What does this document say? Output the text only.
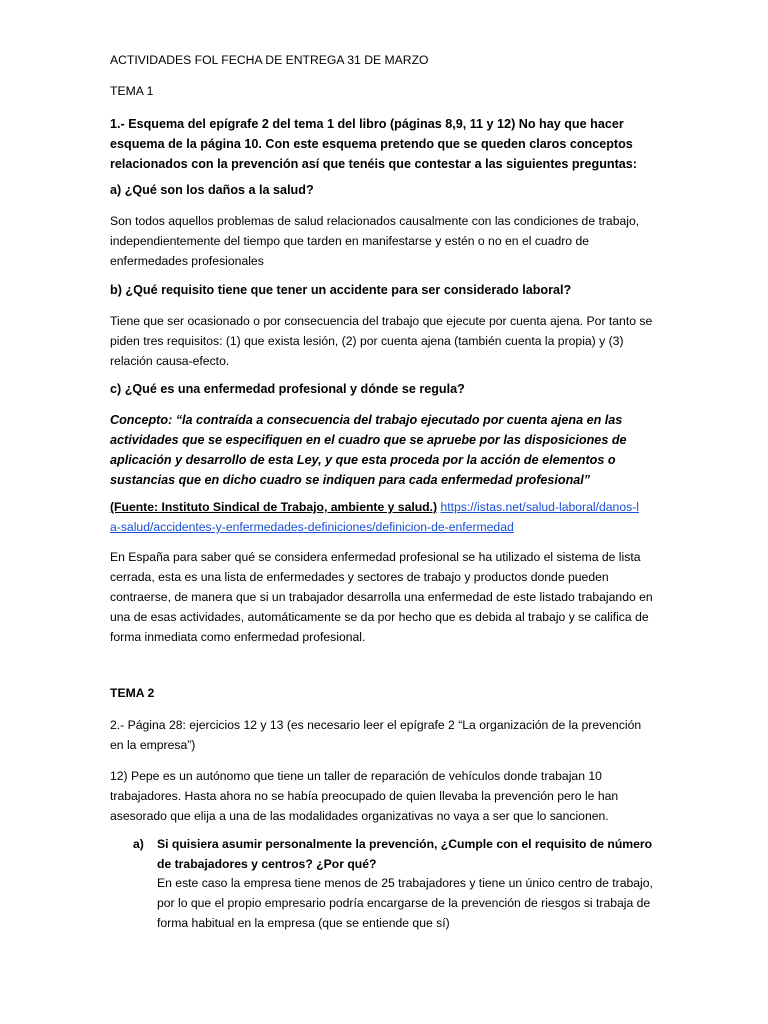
ACTIVIDADES FOL FECHA DE ENTREGA 31 DE MARZO

TEMA 1

1.- Esquema del epígrafe 2 del tema 1 del libro (páginas 8,9, 11 y 12) No hay que hacer esquema de la página 10. Con este esquema pretendo que se queden claros conceptos relacionados con la prevención así que tenéis que contestar a las siguientes preguntas:

a) ¿Qué son los daños a la salud?

Son todos aquellos problemas de salud relacionados causalmente con las condiciones de trabajo, independientemente del tiempo que tarden en manifestarse y estén o no en el cuadro de enfermedades profesionales

b) ¿Qué requisito tiene que tener un accidente para ser considerado laboral?

Tiene que ser ocasionado o por consecuencia del trabajo que ejecute por cuenta ajena. Por tanto se piden tres requisitos: (1) que exista lesión, (2) por cuenta ajena (también cuenta la propia) y (3) relación causa-efecto.

c) ¿Qué es una enfermedad profesional y dónde se regula?

Concepto: “la contraída a consecuencia del trabajo ejecutado por cuenta ajena en las actividades que se especifiquen en el cuadro que se apruebe por las disposiciones de aplicación y desarrollo de esta Ley, y que esta proceda por la acción de elementos o sustancias que en dicho cuadro se indiquen para cada enfermedad profesional”

(Fuente: Instituto Sindical de Trabajo, ambiente y salud.) https://istas.net/salud-laboral/danos-la-salud/accidentes-y-enfermedades-definiciones/definicion-de-enfermedad

En España para saber qué se considera enfermedad profesional se ha utilizado el sistema de lista cerrada, esta es una lista de enfermedades y sectores de trabajo y productos donde pueden contraerse, de manera que si un trabajador desarrolla una enfermedad de este listado trabajando en una de esas actividades, automáticamente se da por hecho que es debida al trabajo y se califica de forma inmediata como enfermedad profesional.

TEMA 2

2.- Página 28: ejercicios 12 y 13 (es necesario leer el epígrafe 2 “La organización de la prevención en la empresa”)

12) Pepe es un autónomo que tiene un taller de reparación de vehículos donde trabajan 10 trabajadores. Hasta ahora no se había preocupado de quien llevaba la prevención pero le han asesorado que elija a una de las modalidades organizativas no vaya a ser que lo sancionen.

a) Si quisiera asumir personalmente la prevención, ¿Cumple con el requisito de número de trabajadores y centros? ¿Por qué?

En este caso la empresa tiene menos de 25 trabajadores y tiene un único centro de trabajo, por lo que el propio empresario podría encargarse de la prevención de riesgos si trabaja de forma habitual en la empresa (que se entiende que sí)
